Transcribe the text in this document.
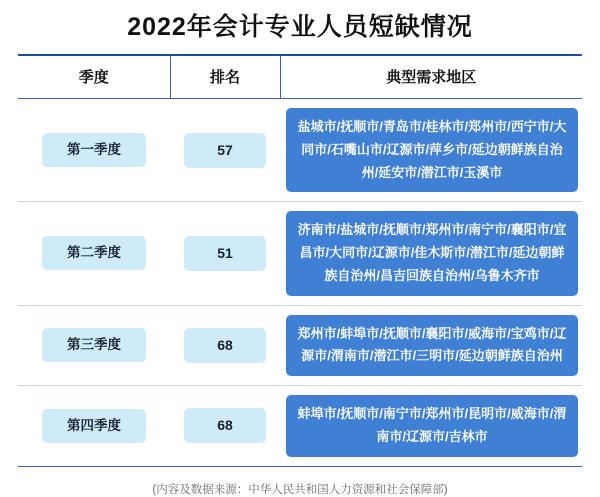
2022年会计专业人员短缺情况
季度	排名	典型需求地区
第一季度	57	盐城市/抚顺市/青岛市/桂林市/郑州市/西宁市/大同市/石嘴山市/辽源市/萍乡市/延边朝鲜族自治州/延安市/潜江市/玉溪市

第二季度	51	济南市/盐城市/抚顺市/郑州市/南宁市/襄阳市/宜昌市/大同市/辽源市/佳木斯市/潜江市/延边朝鲜族自治州/昌吉回族自治州/乌鲁木齐市

第三季度	68	郑州市/蚌埠市/抚顺市/襄阳市/威海市/宝鸡市/辽源市/渭南市/潜江市/三明市/延边朝鲜族自治州

第四季度	68	蚌埠市/抚顺市/南宁市/郑州市/昆明市/威海市/渭南市/辽源市/吉林市
(内容及数据来源：中华人民共和国人力资源和社会保障部)
